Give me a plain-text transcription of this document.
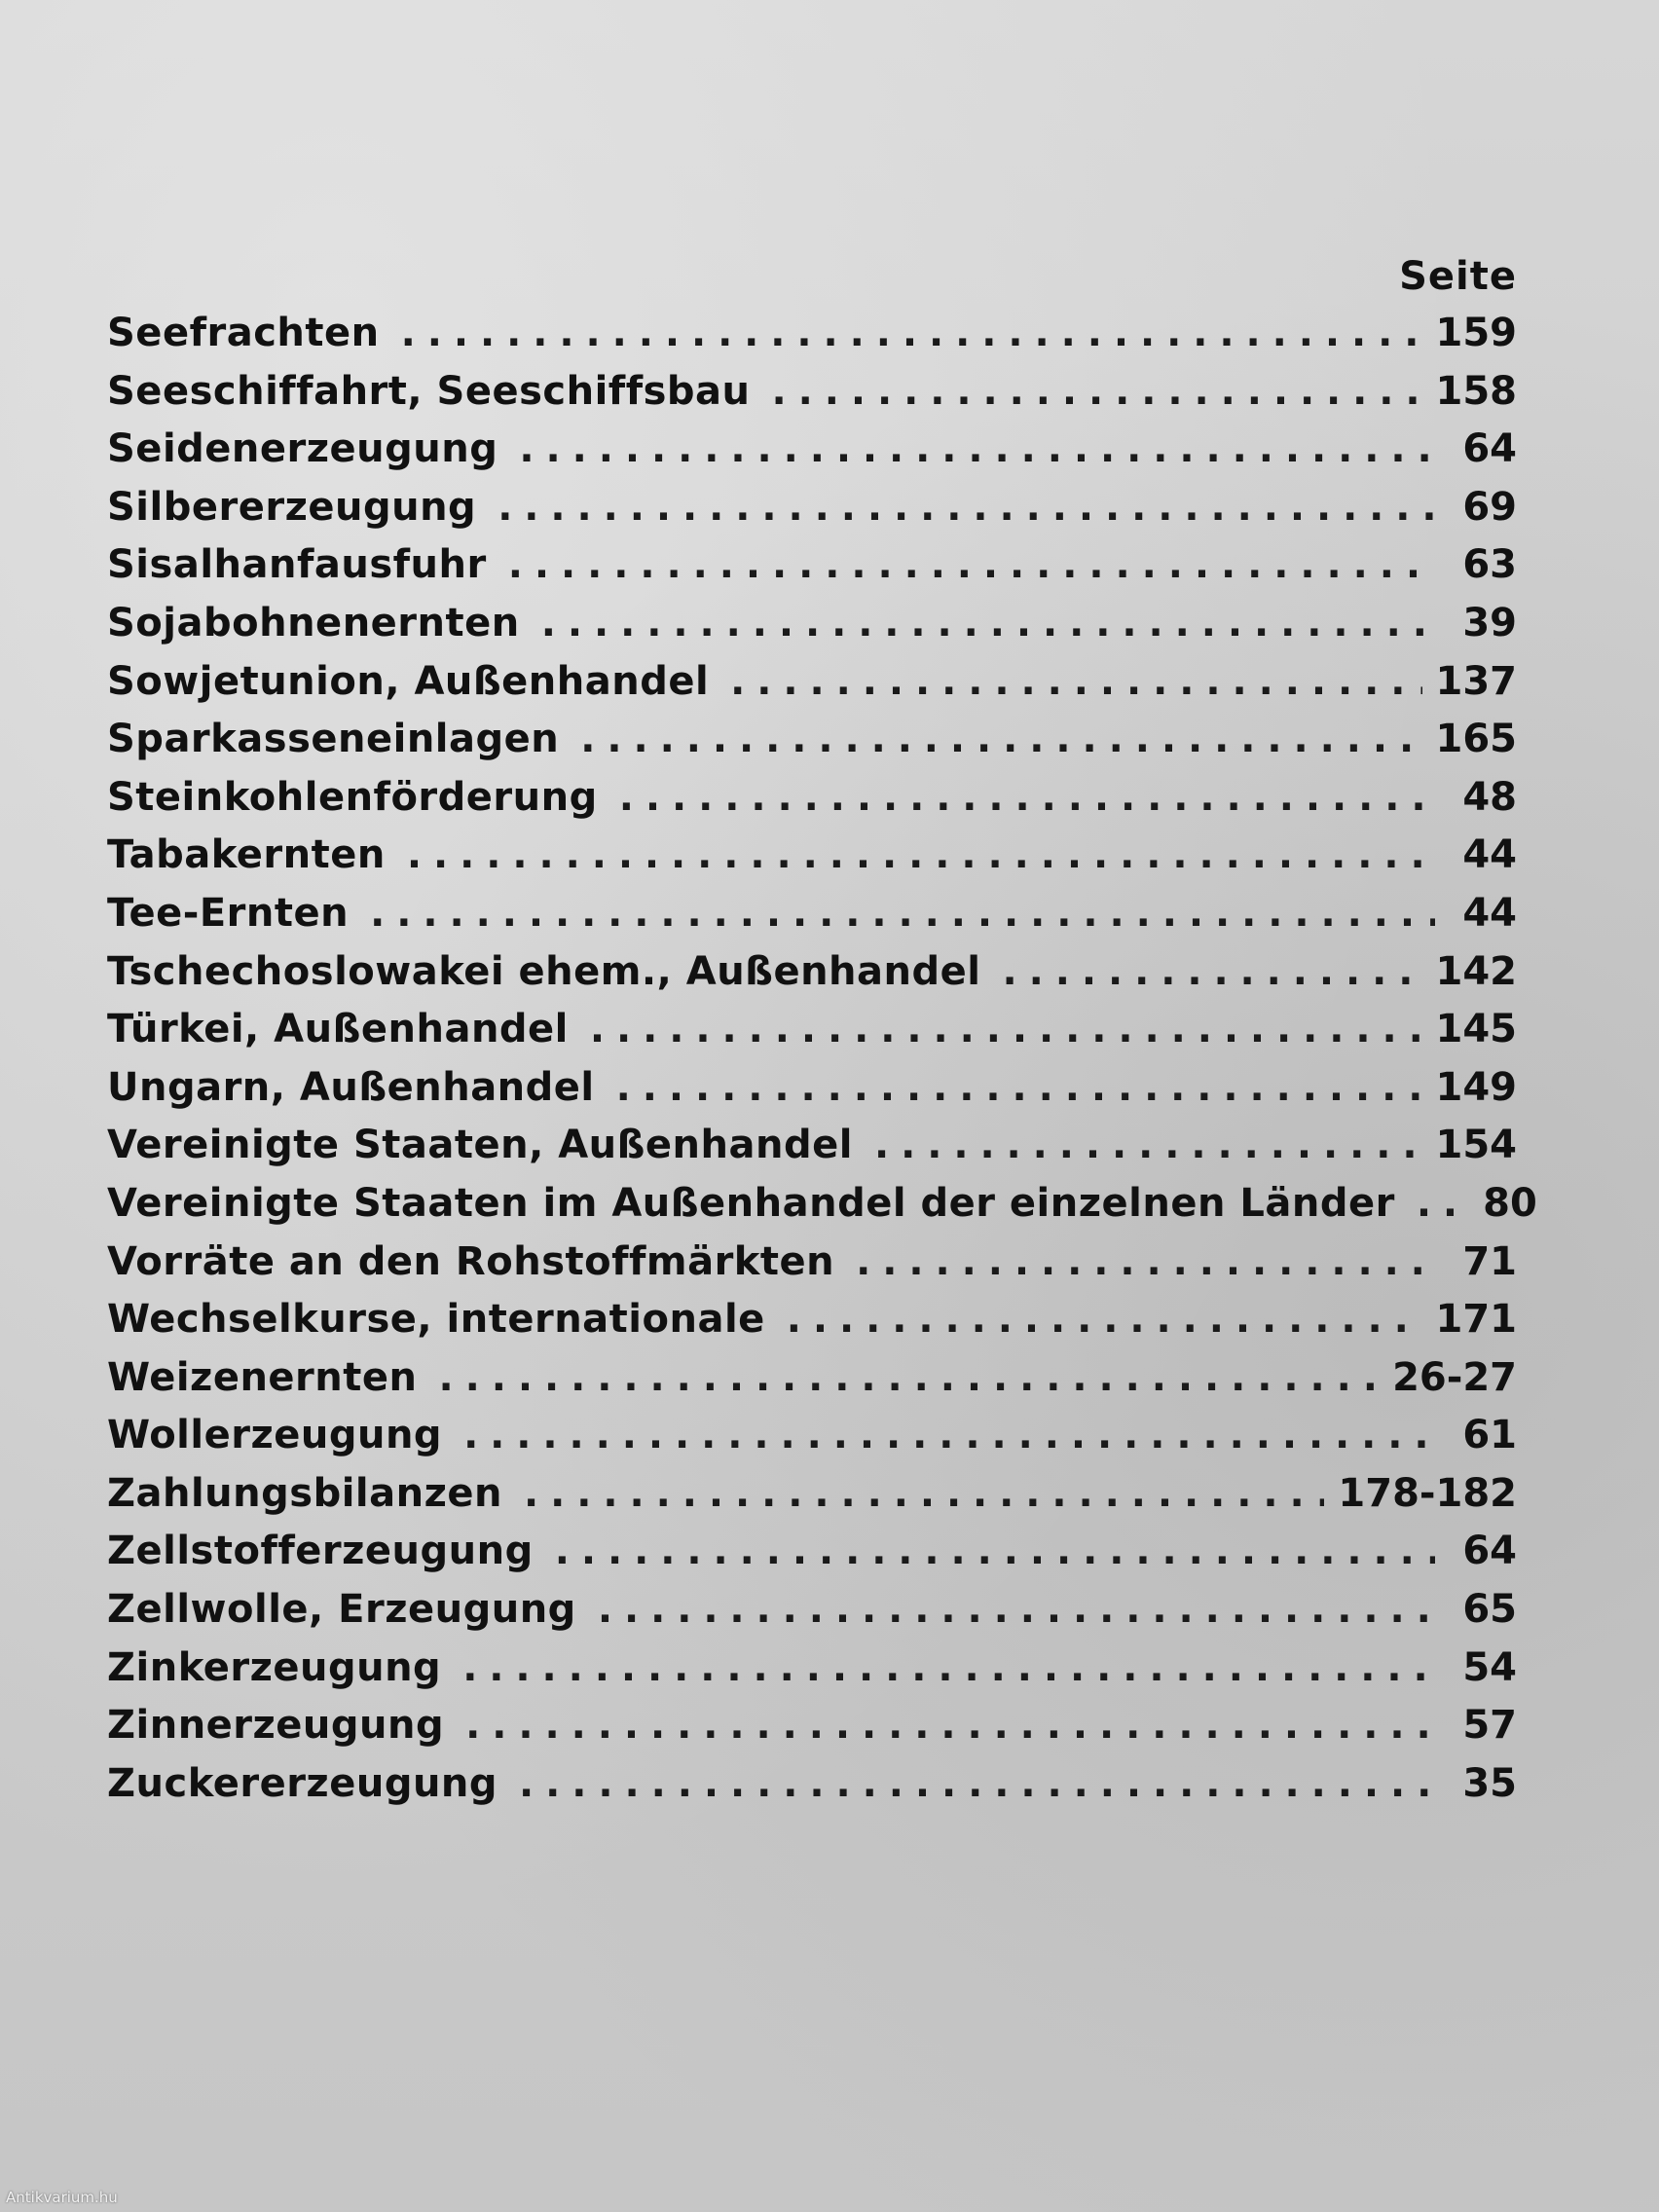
Seite
Seefrachten . . .	159
Seeschiffahrt, Seeschiffsbau . . .	158
Seidenerzeugung . . .	64
Silbererzeugung . . .	69
Sisalhanfausfuhr . . .	63
Sojabohnenernten . . .	39
Sowjetunion, Außenhandel . . .	137
Sparkasseneinlagen . . .	165
Steinkohlenförderung . . .	48
Tabakernten . . .	44
Tee-Ernten . . .	44
Tschechoslowakei ehem., Außenhandel . . .	142
Türkei, Außenhandel . . .	145
Ungarn, Außenhandel . . .	149
Vereinigte Staaten, Außenhandel . . .	154
Vereinigte Staaten im Außenhandel der einzelnen Länder . . .	80
Vorräte an den Rohstoffmärkten . . .	71
Wechselkurse, internationale . . .	171
Weizenernten . . .	26-27
Wollerzeugung . . .	61
Zahlungsbilanzen . . .	178-182
Zellstofferzeugung . . .	64
Zellwolle, Erzeugung . . .	65
Zinkerzeugung . . .	54
Zinnerzeugung . . .	57
Zuckererzeugung . . .	35
Antikvarium.hu
